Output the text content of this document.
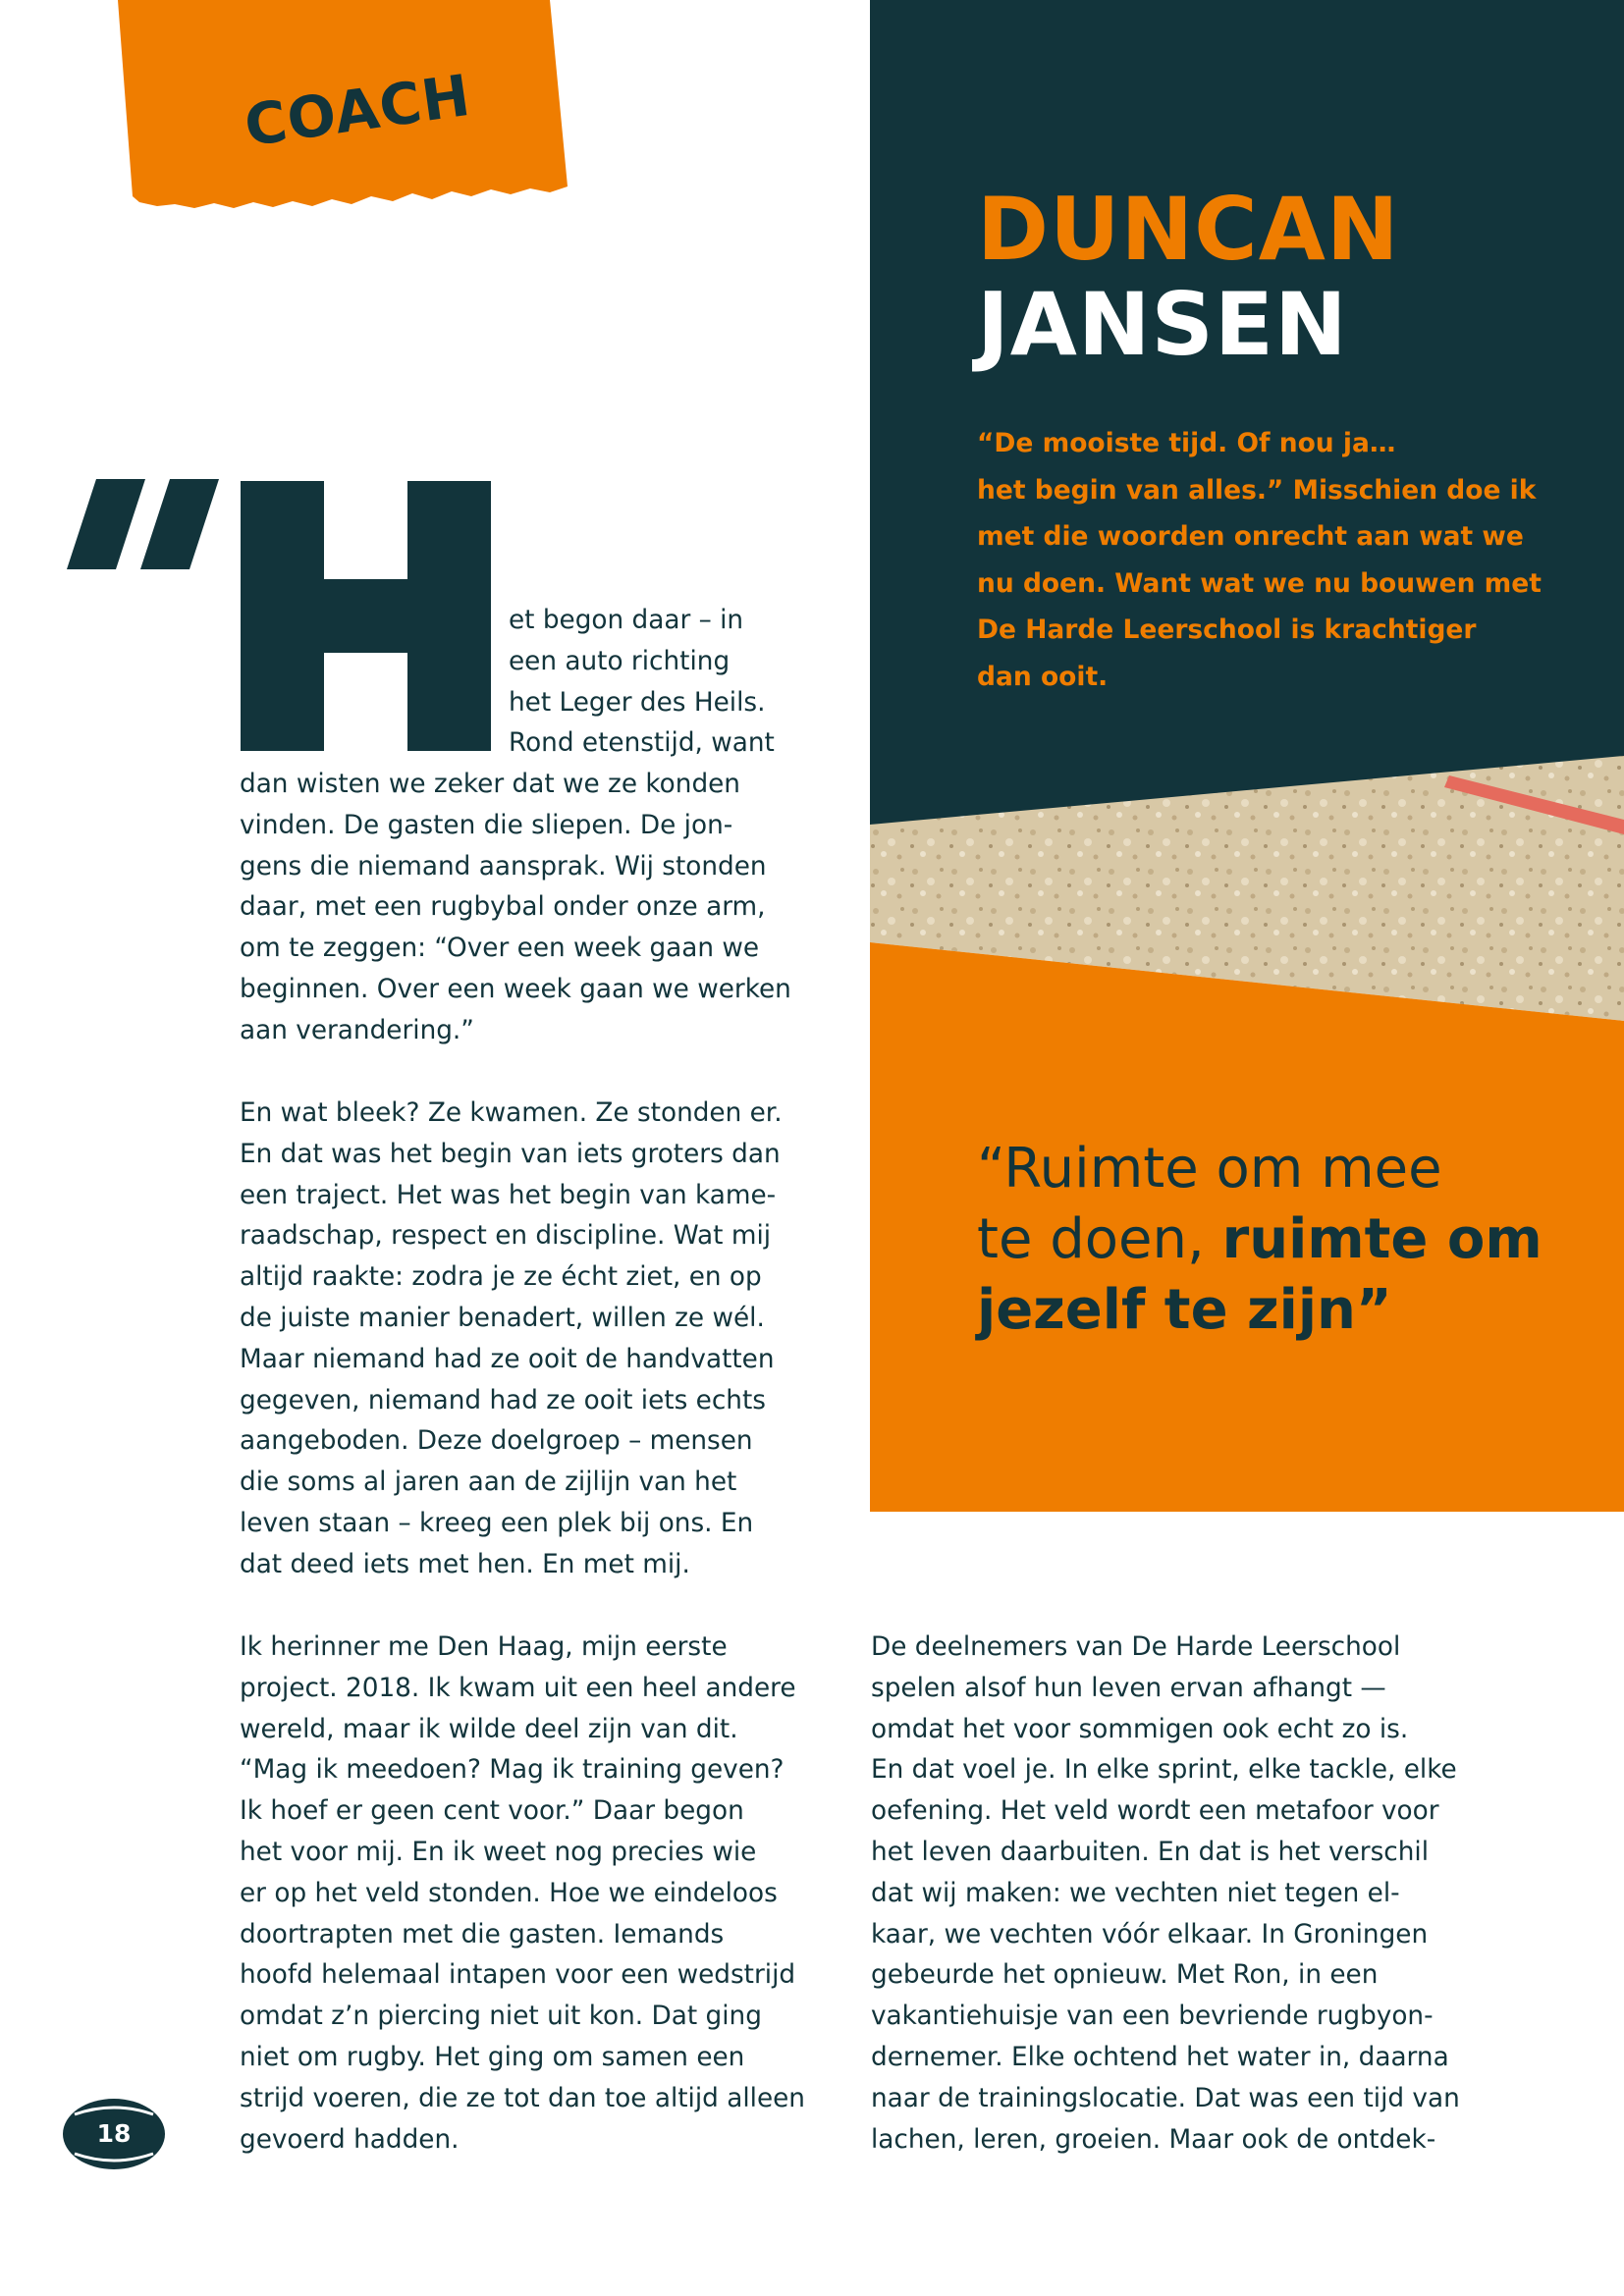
COACH
DUNCAN
JANSEN
“De mooiste tijd. Of nou ja…
het begin van alles.” Misschien doe ik
met die woorden onrecht aan wat we
nu doen. Want wat we nu bouwen met
De Harde Leerschool is krachtiger
dan ooit.
“Ruimte om mee
te doen, ruimte om
jezelf te zijn”
et begon daar – in
een auto richting
het Leger des Heils.
Rond etenstijd, want
dan wisten we zeker dat we ze konden
vinden. De gasten die sliepen. De jon-
gens die niemand aansprak. Wij stonden
daar, met een rugbybal onder onze arm,
om te zeggen: “Over een week gaan we
beginnen. Over een week gaan we werken
aan verandering.”
En wat bleek? Ze kwamen. Ze stonden er.
En dat was het begin van iets groters dan
een traject. Het was het begin van kame-
raadschap, respect en discipline. Wat mij
altijd raakte: zodra je ze écht ziet, en op
de juiste manier benadert, willen ze wél.
Maar niemand had ze ooit de handvatten
gegeven, niemand had ze ooit iets echts
aangeboden. Deze doelgroep – mensen
die soms al jaren aan de zijlijn van het
leven staan – kreeg een plek bij ons. En
dat deed iets met hen. En met mij.
Ik herinner me Den Haag, mijn eerste
project. 2018. Ik kwam uit een heel andere
wereld, maar ik wilde deel zijn van dit.
“Mag ik meedoen? Mag ik training geven?
Ik hoef er geen cent voor.” Daar begon
het voor mij. En ik weet nog precies wie
er op het veld stonden. Hoe we eindeloos
doortrapten met die gasten. Iemands
hoofd helemaal intapen voor een wedstrijd
omdat z’n piercing niet uit kon. Dat ging
niet om rugby. Het ging om samen een
strijd voeren, die ze tot dan toe altijd alleen
gevoerd hadden.
De deelnemers van De Harde Leerschool
spelen alsof hun leven ervan afhangt —
omdat het voor sommigen ook echt zo is.
En dat voel je. In elke sprint, elke tackle, elke
oefening. Het veld wordt een metafoor voor
het leven daarbuiten. En dat is het verschil
dat wij maken: we vechten niet tegen el-
kaar, we vechten vóór elkaar. In Groningen
gebeurde het opnieuw. Met Ron, in een
vakantiehuisje van een bevriende rugbyon-
dernemer. Elke ochtend het water in, daarna
naar de trainingslocatie. Dat was een tijd van
lachen, leren, groeien. Maar ook de ontdek-
18
